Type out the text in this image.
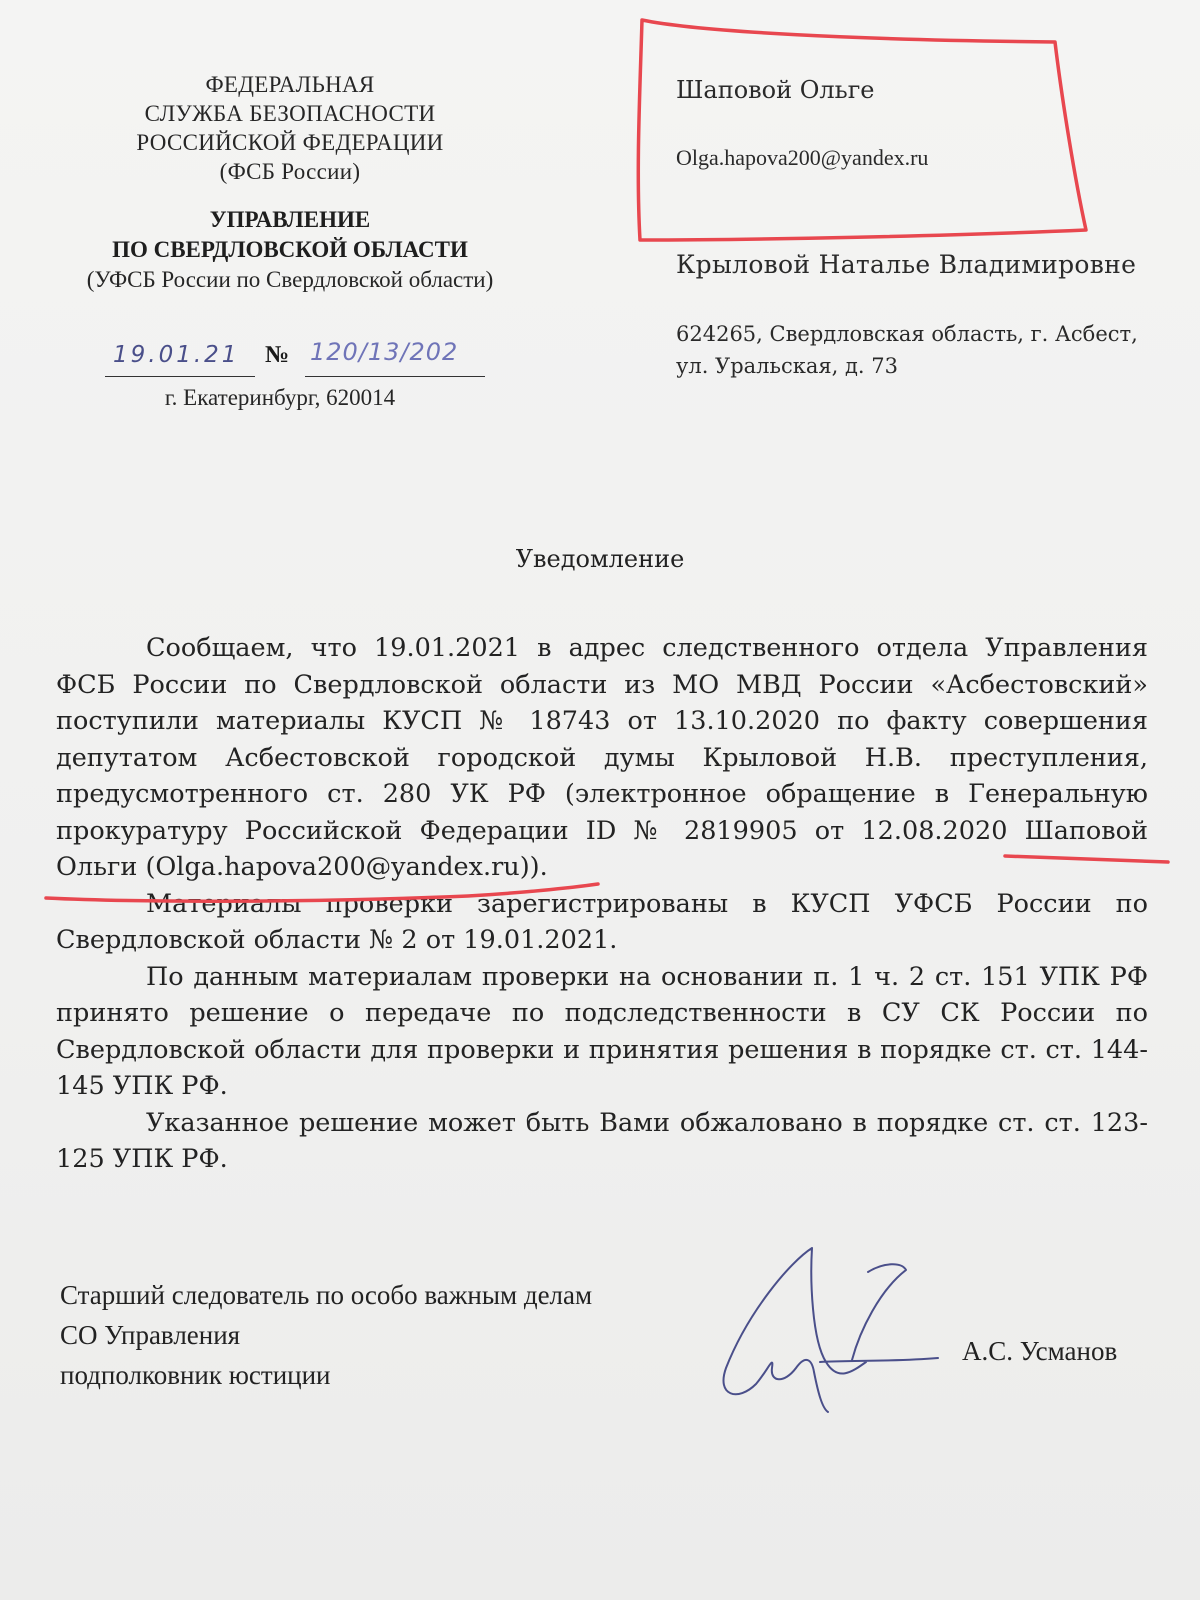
ФЕДЕРАЛЬНАЯ
СЛУЖБА БЕЗОПАСНОСТИ
РОССИЙСКОЙ ФЕДЕРАЦИИ
(ФСБ России)
УПРАВЛЕНИЕ
ПО СВЕРДЛОВСКОЙ ОБЛАСТИ
(УФСБ России по Свердловской области)
19.01.21 № 120/13/202
г. Екатеринбург, 620014
Шаповой Ольге
Olga.hapova200@yandex.ru
Крыловой Наталье Владимировне
624265, Свердловская область, г. Асбест,
ул. Уральская, д. 73
Уведомление

Сообщаем, что 19.01.2021 в адрес следственного отдела Управления ФСБ России по Свердловской области из МО МВД России «Асбестовский» поступили материалы КУСП № 18743 от 13.10.2020 по факту совершения депутатом Асбестовской городской думы Крыловой Н.В. преступления, предусмотренного ст. 280 УК РФ (электронное обращение в Генеральную прокуратуру Российской Федерации ID № 2819905 от 12.08.2020 Шаповой Ольги (Olga.hapova200@yandex.ru)).

Материалы проверки зарегистрированы в КУСП УФСБ России по Свердловской области № 2 от 19.01.2021.

По данным материалам проверки на основании п. 1 ч. 2 ст. 151 УПК РФ принято решение о передаче по подследственности в СУ СК России по Свердловской области для проверки и принятия решения в порядке ст. ст. 144-145 УПК РФ.

Указанное решение может быть Вами обжаловано в порядке ст. ст. 123-125 УПК РФ.

Старший следователь по особо важным делам
СО Управления
подполковник юстиции
А.С. Усманов
